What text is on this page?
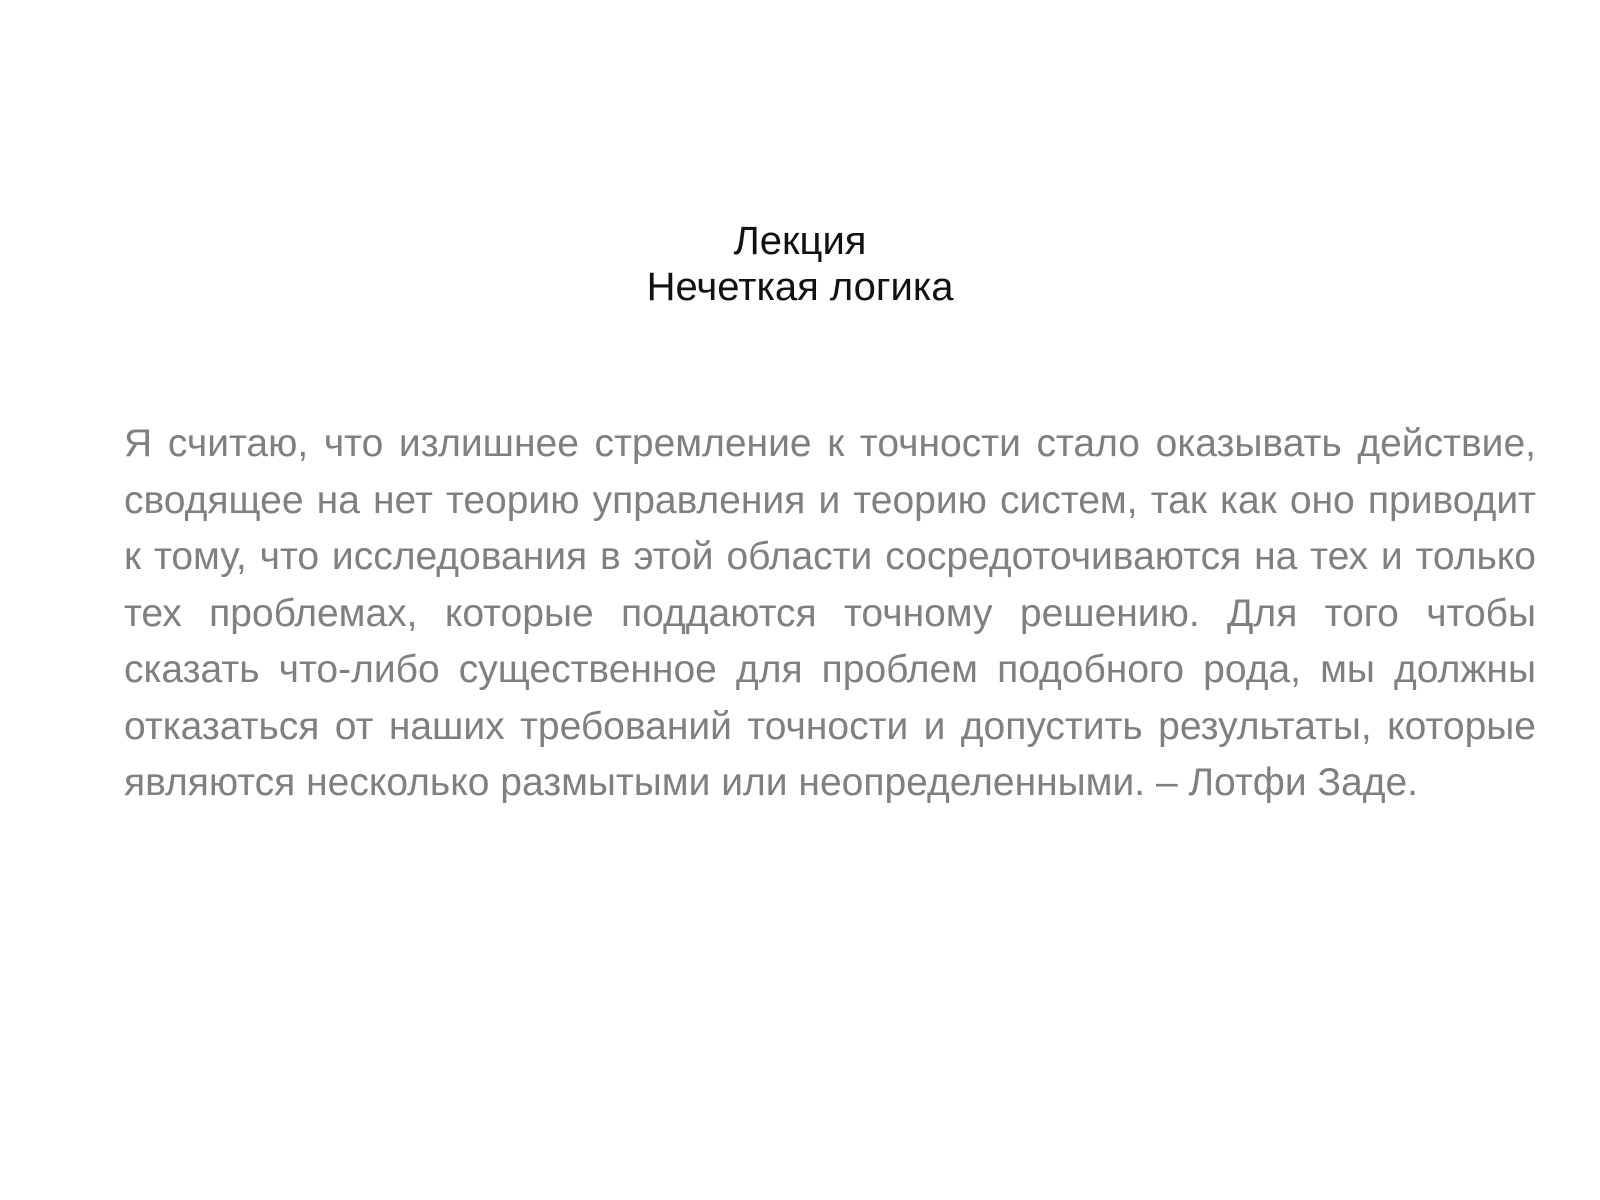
Лекция
Нечеткая логика
Я считаю, что излишнее стремление к точности стало оказывать действие, сводящее на нет теорию управления и теорию систем, так как оно приводит к тому, что исследования в этой области сосредоточиваются на тех и только тех проблемах, которые поддаются точному решению. Для того чтобы сказать что-либо существенное для проблем подобного рода, мы должны отказаться от наших требований точности и допустить результаты, которые являются несколько размытыми или неопределенными. – Лотфи Заде.
